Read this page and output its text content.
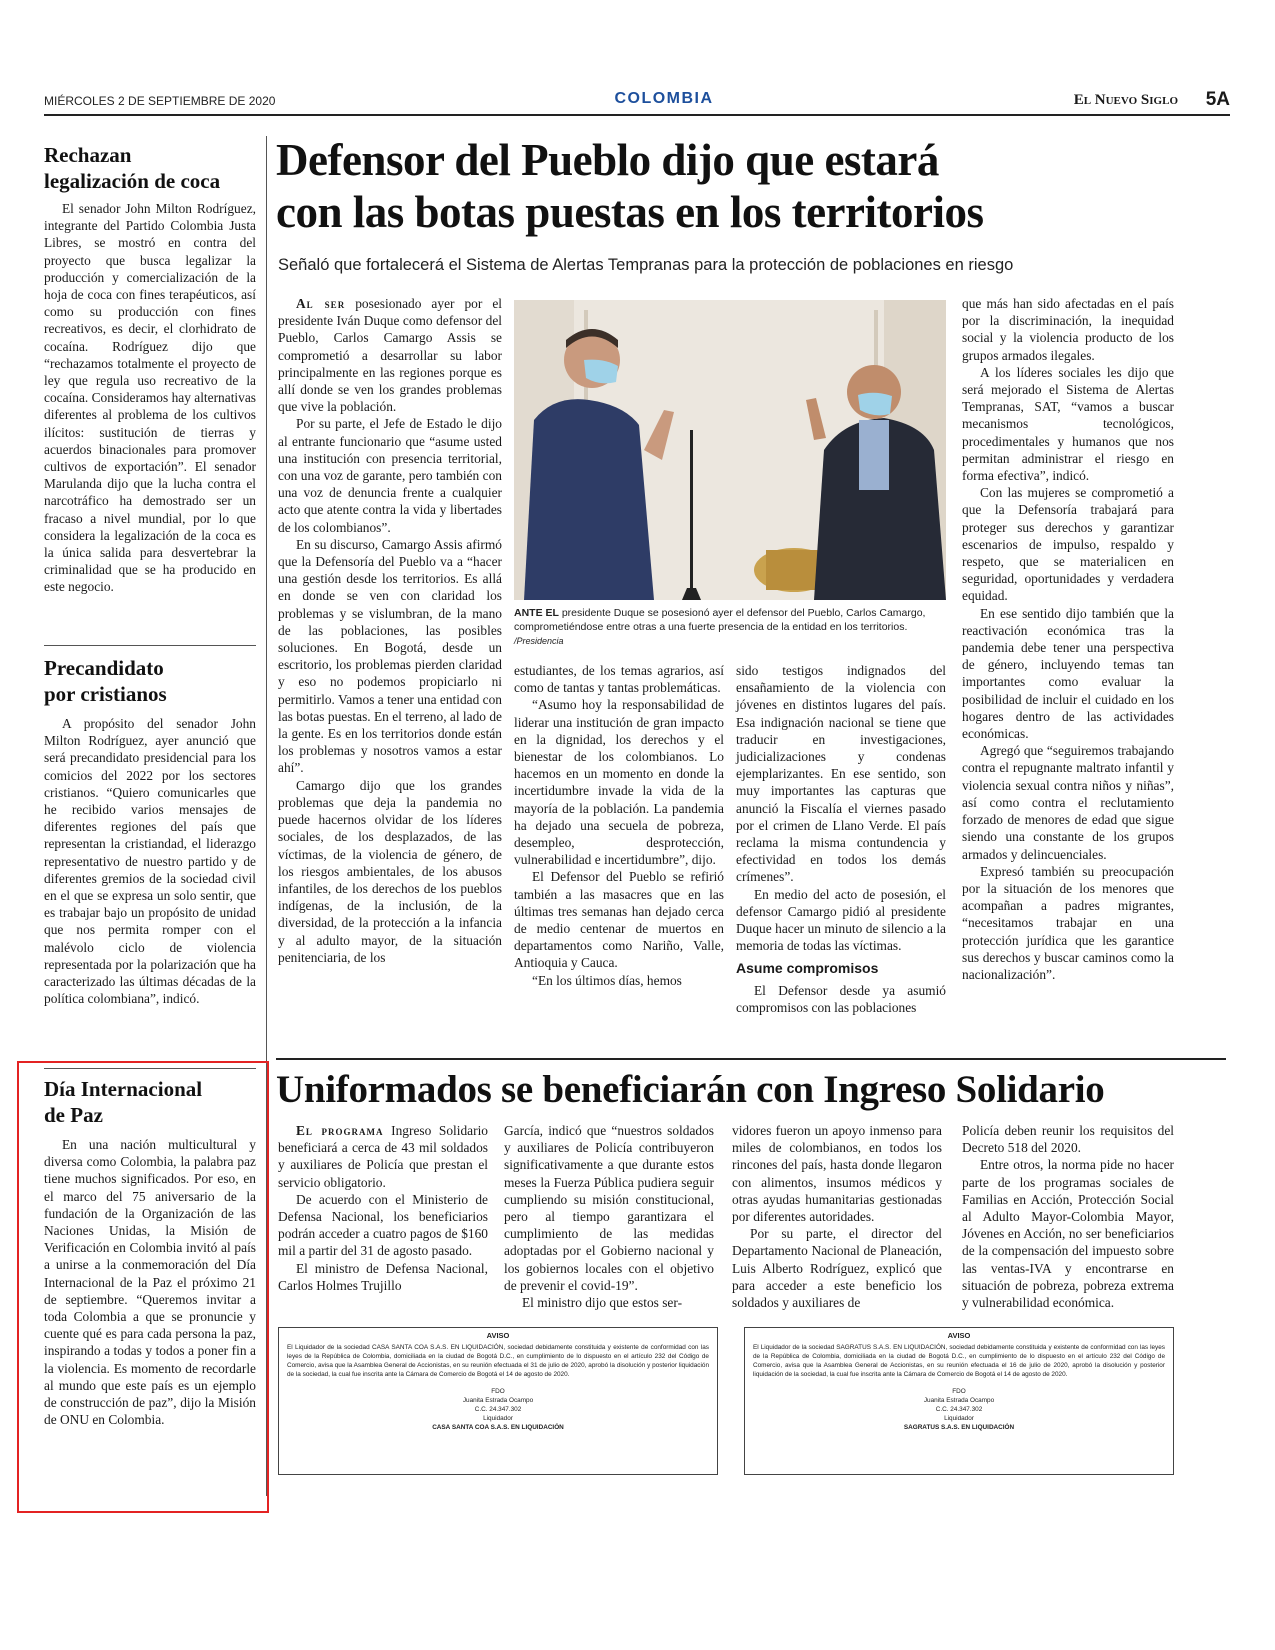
MIÉRCOLES 2 DE SEPTIEMBRE DE 2020	COLOMBIA	El Nuevo Siglo 5A
Rechazan
legalización de coca

El senador John Milton Rodríguez, integrante del Partido Colombia Justa Libres, se mostró en contra del proyecto que busca legalizar la producción y comercialización de la hoja de coca con fines terapéuticos, así como su producción con fines recreativos, es decir, el clorhidrato de cocaína. Rodríguez dijo que “rechazamos totalmente el proyecto de ley que regula uso recreativo de la cocaína. Consideramos hay alternativas diferentes al problema de los cultivos ilícitos: sustitución de tierras y acuerdos binacionales para promover cultivos de exportación”. El senador Marulanda dijo que la lucha contra el narcotráfico ha demostrado ser un fracaso a nivel mundial, por lo que considera la legalización de la coca es la única salida para desvertebrar la criminalidad que se ha producido en este negocio.

Precandidato
por cristianos

A propósito del senador John Milton Rodríguez, ayer anunció que será precandidato presidencial para los comicios del 2022 por los sectores cristianos. “Quiero comunicarles que he recibido varios mensajes de diferentes regiones del país que representan la cristiandad, el liderazgo representativo de nuestro partido y de diferentes gremios de la sociedad civil en el que se expresa un solo sentir, que es trabajar bajo un propósito de unidad que nos permita romper con el malévolo ciclo de violencia representada por la polarización que ha caracterizado las últimas décadas de la política colombiana”, indicó.

Día Internacional
de Paz

En una nación multicultural y diversa como Colombia, la palabra paz tiene muchos significados. Por eso, en el marco del 75 aniversario de la fundación de la Organización de las Naciones Unidas, la Misión de Verificación en Colombia invitó al país a unirse a la conmemoración del Día Internacional de la Paz el próximo 21 de septiembre. “Queremos invitar a toda Colombia a que se pronuncie y cuente qué es para cada persona la paz, inspirando a todas y todos a poner fin a la violencia. Es momento de recordarle al mundo que este país es un ejemplo de construcción de paz”, dijo la Misión de ONU en Colombia.

Defensor del Pueblo dijo que estará
con las botas puestas en los territorios
Señaló que fortalecerá el Sistema de Alertas Tempranas para la protección de poblaciones en riesgo

Al ser posesionado ayer por el presidente Iván Duque como defensor del Pueblo, Carlos Camargo Assis se comprometió a desarrollar su labor principalmente en las regiones porque es allí donde se ven los grandes problemas que vive la población.

Por su parte, el Jefe de Estado le dijo al entrante funcionario que “asume usted una institución con presencia territorial, con una voz de garante, pero también con una voz de denuncia frente a cualquier acto que atente contra la vida y libertades de los colombianos”.

En su discurso, Camargo Assis afirmó que la Defensoría del Pueblo va a “hacer una gestión desde los territorios. Es allá en donde se ven con claridad los problemas y se vislumbran, de la mano de las poblaciones, las posibles soluciones. En Bogotá, desde un escritorio, los problemas pierden claridad y eso no podemos propiciarlo ni permitirlo. Vamos a tener una entidad con las botas puestas. En el terreno, al lado de la gente. Es en los territorios donde están los problemas y nosotros vamos a estar ahí”.

Camargo dijo que los grandes problemas que deja la pandemia no puede hacernos olvidar de los líderes sociales, de los desplazados, de las víctimas, de la violencia de género, de los riesgos ambientales, de los abusos infantiles, de los derechos de los pueblos indígenas, de la inclusión, de la diversidad, de la protección a la infancia y al adulto mayor, de la situación penitenciaria, de los

ANTE EL presidente Duque se posesionó ayer el defensor del Pueblo, Carlos Camargo, comprometiéndose entre otras a una fuerte presencia de la entidad en los territorios. /Presidencia

estudiantes, de los temas agrarios, así como de tantas y tantas problemáticas.

“Asumo hoy la responsabilidad de liderar una institución de gran impacto en la dignidad, los derechos y el bienestar de los colombianos. Lo hacemos en un momento en donde la incertidumbre invade la vida de la mayoría de la población. La pandemia ha dejado una secuela de pobreza, desempleo, desprotección, vulnerabilidad e incertidumbre”, dijo.

El Defensor del Pueblo se refirió también a las masacres que en las últimas tres semanas han dejado cerca de medio centenar de muertos en departamentos como Nariño, Valle, Antioquia y Cauca.

“En los últimos días, hemos

sido testigos indignados del ensañamiento de la violencia con jóvenes en distintos lugares del país. Esa indignación nacional se tiene que traducir en investigaciones, judicializaciones y condenas ejemplarizantes. En ese sentido, son muy importantes las capturas que anunció la Fiscalía el viernes pasado por el crimen de Llano Verde. El país reclama la misma contundencia y efectividad en todos los demás crímenes”.

En medio del acto de posesión, el defensor Camargo pidió al presidente Duque hacer un minuto de silencio a la memoria de todas las víctimas.

Asume compromisos

El Defensor desde ya asumió compromisos con las poblaciones

que más han sido afectadas en el país por la discriminación, la inequidad social y la violencia producto de los grupos armados ilegales.

A los líderes sociales les dijo que será mejorado el Sistema de Alertas Tempranas, SAT, “vamos a buscar mecanismos tecnológicos, procedimentales y humanos que nos permitan administrar el riesgo en forma efectiva”, indicó.

Con las mujeres se comprometió a que la Defensoría trabajará para proteger sus derechos y garantizar escenarios de impulso, respaldo y respeto, que se materialicen en seguridad, oportunidades y verdadera equidad.

En ese sentido dijo también que la reactivación económica tras la pandemia debe tener una perspectiva de género, incluyendo temas tan importantes como evaluar la posibilidad de incluir el cuidado en los hogares dentro de las actividades económicas.

Agregó que “seguiremos trabajando contra el repugnante maltrato infantil y violencia sexual contra niños y niñas”, así como contra el reclutamiento forzado de menores de edad que sigue siendo una constante de los grupos armados y delincuenciales.

Expresó también su preocupación por la situación de los menores que acompañan a padres migrantes, “necesitamos trabajar en una protección jurídica que les garantice sus derechos y buscar caminos como la nacionalización”.

Uniformados se beneficiarán con Ingreso Solidario

El programa Ingreso Solidario beneficiará a cerca de 43 mil soldados y auxiliares de Policía que prestan el servicio obligatorio.

De acuerdo con el Ministerio de Defensa Nacional, los beneficiarios podrán acceder a cuatro pagos de $160 mil a partir del 31 de agosto pasado.

El ministro de Defensa Nacional, Carlos Holmes Trujillo

García, indicó que “nuestros soldados y auxiliares de Policía contribuyeron significativamente a que durante estos meses la Fuerza Pública pudiera seguir cumpliendo su misión constitucional, pero al tiempo garantizara el cumplimiento de las medidas adoptadas por el Gobierno nacional y los gobiernos locales con el objetivo de prevenir el covid-19”.

El ministro dijo que estos ser-

vidores fueron un apoyo inmenso para miles de colombianos, en todos los rincones del país, hasta donde llegaron con alimentos, insumos médicos y otras ayudas humanitarias gestionadas por diferentes autoridades.

Por su parte, el director del Departamento Nacional de Planeación, Luis Alberto Rodríguez, explicó que para acceder a este beneficio los soldados y auxiliares de

Policía deben reunir los requisitos del Decreto 518 del 2020.

Entre otros, la norma pide no hacer parte de los programas sociales de Familias en Acción, Protección Social al Adulto Mayor-Colombia Mayor, Jóvenes en Acción, no ser beneficiarios de la compensación del impuesto sobre las ventas-IVA y encontrarse en situación de pobreza, pobreza extrema y vulnerabilidad económica.

AVISO
El Liquidador de la sociedad CASA SANTA COA S.A.S. EN LIQUIDACIÓN, sociedad debidamente constituida y existente de conformidad con las leyes de la República de Colombia, domiciliada en la ciudad de Bogotá D.C., en cumplimiento de lo dispuesto en el artículo 232 del Código de Comercio, avisa que la Asamblea General de Accionistas, en su reunión efectuada el 31 de julio de 2020, aprobó la disolución y posterior liquidación de la sociedad, la cual fue inscrita ante la Cámara de Comercio de Bogotá el 14 de agosto de 2020.
FDO
Juanita Estrada Ocampo
C.C. 24.347.302
Liquidador
CASA SANTA COA S.A.S. EN LIQUIDACIÓN
AVISO
El Liquidador de la sociedad SAGRATUS S.A.S. EN LIQUIDACIÓN, sociedad debidamente constituida y existente de conformidad con las leyes de la República de Colombia, domiciliada en la ciudad de Bogotá D.C., en cumplimiento de lo dispuesto en el artículo 232 del Código de Comercio, avisa que la Asamblea General de Accionistas, en su reunión efectuada el 16 de julio de 2020, aprobó la disolución y posterior liquidación de la sociedad, la cual fue inscrita ante la Cámara de Comercio de Bogotá el 14 de agosto de 2020.
FDO
Juanita Estrada Ocampo
C.C. 24.347.302
Liquidador
SAGRATUS S.A.S. EN LIQUIDACIÓN
